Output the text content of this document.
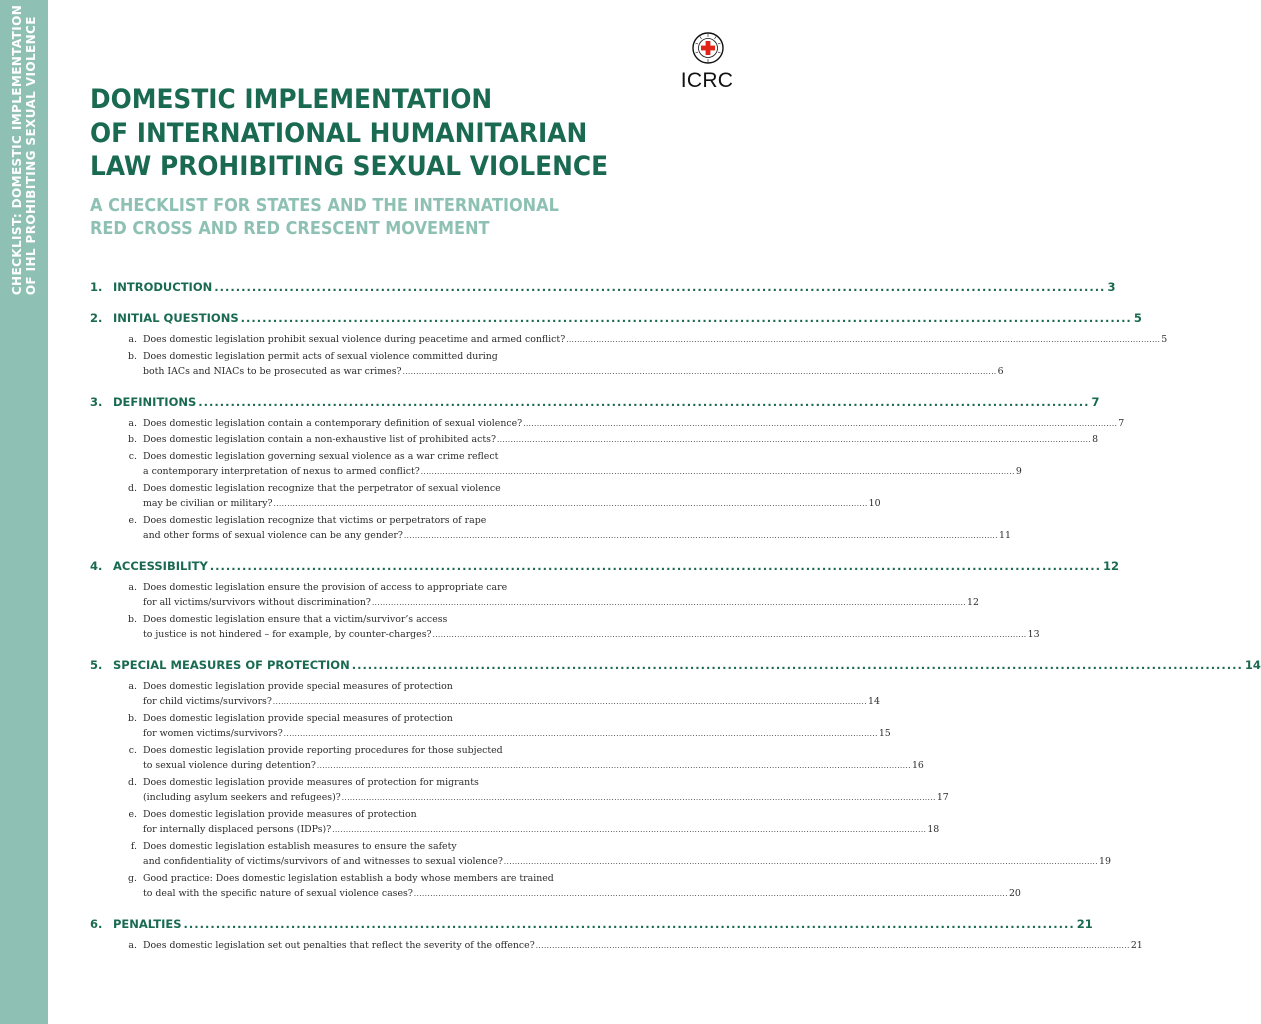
CHECKLIST: DOMESTIC IMPLEMENTATION OF IHL PROHIBITING SEXUAL VIOLENCE	ICRC
DOMESTIC IMPLEMENTATION
OF INTERNATIONAL HUMANITARIAN
LAW PROHIBITING SEXUAL VIOLENCE
A CHECKLIST FOR STATES AND THE INTERNATIONAL
RED CROSS AND RED CRESCENT MOVEMENT
1. INTRODUCTION .....	3
2. INITIAL QUESTIONS .....	5
a. Does domestic legislation prohibit sexual violence during peacetime and armed conflict? .....	5
b. Does domestic legislation permit acts of sexual violence committed during
both IACs and NIACs to be prosecuted as war crimes? .....	6
3. DEFINITIONS .....	7
a. Does domestic legislation contain a contemporary definition of sexual violence? .....	7
b. Does domestic legislation contain a non-exhaustive list of prohibited acts? .....	8
c. Does domestic legislation governing sexual violence as a war crime reflect
a contemporary interpretation of nexus to armed conflict? .....	9
d. Does domestic legislation recognize that the perpetrator of sexual violence
may be civilian or military? .....	10
e. Does domestic legislation recognize that victims or perpetrators of rape
and other forms of sexual violence can be any gender? .....	11
4. ACCESSIBILITY .....	12
a. Does domestic legislation ensure the provision of access to appropriate care
for all victims/survivors without discrimination? .....	12
b. Does domestic legislation ensure that a victim/survivor’s access
to justice is not hindered – for example, by counter-charges? .....	13
5. SPECIAL MEASURES OF PROTECTION .....	14
a. Does domestic legislation provide special measures of protection
for child victims/survivors? .....	14
b. Does domestic legislation provide special measures of protection
for women victims/survivors? .....	15
c. Does domestic legislation provide reporting procedures for those subjected
to sexual violence during detention? .....	16
d. Does domestic legislation provide measures of protection for migrants
(including asylum seekers and refugees)? .....	17
e. Does domestic legislation provide measures of protection
for internally displaced persons (IDPs)? .....	18
f. Does domestic legislation establish measures to ensure the safety
and confidentiality of victims/survivors of and witnesses to sexual violence? .....	19
g. Good practice: Does domestic legislation establish a body whose members are trained
to deal with the specific nature of sexual violence cases? .....	20
6. PENALTIES .....	21
a. Does domestic legislation set out penalties that reflect the severity of the offence? .....	21
